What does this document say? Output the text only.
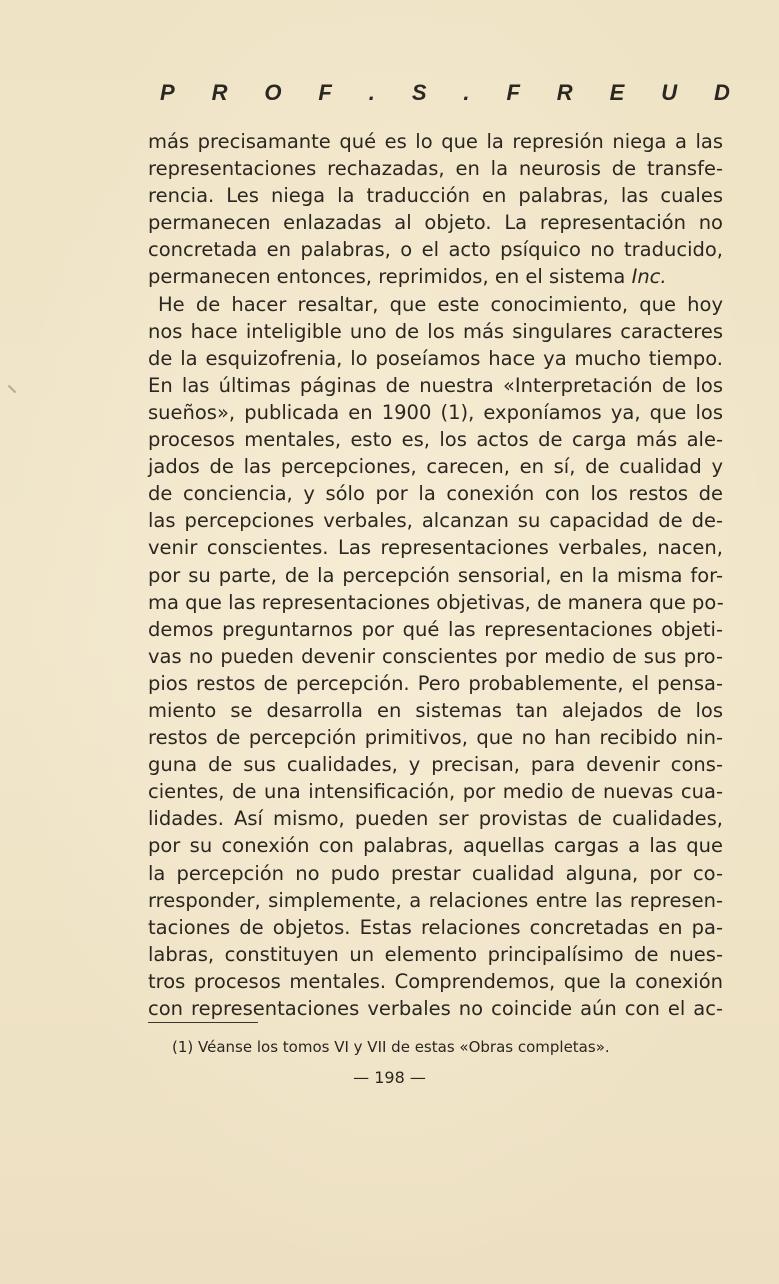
P R O F . S . F R E U D
más precisamante qué es lo que la represión niega a las
representaciones rechazadas, en la neurosis de transfe-
rencia. Les niega la traducción en palabras, las cuales
permanecen enlazadas al objeto. La representación no
concretada en palabras, o el acto psíquico no traducido,
permanecen entonces, reprimidos, en el sistema Inc.
He de hacer resaltar, que este conocimiento, que hoy
nos hace inteligible uno de los más singulares caracteres
de la esquizofrenia, lo poseíamos hace ya mucho tiempo.
En las últimas páginas de nuestra «Interpretación de los
sueños», publicada en 1900 (1), exponíamos ya, que los
procesos mentales, esto es, los actos de carga más ale-
jados de las percepciones, carecen, en sí, de cualidad y
de conciencia, y sólo por la conexión con los restos de
las percepciones verbales, alcanzan su capacidad de de-
venir conscientes. Las representaciones verbales, nacen,
por su parte, de la percepción sensorial, en la misma for-
ma que las representaciones objetivas, de manera que po-
demos preguntarnos por qué las representaciones objeti-
vas no pueden devenir conscientes por medio de sus pro-
pios restos de percepción. Pero probablemente, el pensa-
miento se desarrolla en sistemas tan alejados de los
restos de percepción primitivos, que no han recibido nin-
guna de sus cualidades, y precisan, para devenir cons-
cientes, de una intensificación, por medio de nuevas cua-
lidades. Así mismo, pueden ser provistas de cualidades,
por su conexión con palabras, aquellas cargas a las que
la percepción no pudo prestar cualidad alguna, por co-
rresponder, simplemente, a relaciones entre las represen-
taciones de objetos. Estas relaciones concretadas en pa-
labras, constituyen un elemento principalísimo de nues-
tros procesos mentales. Comprendemos, que la conexión
con representaciones verbales no coincide aún con el ac-
(1) Véanse los tomos VI y VII de estas «Obras completas».
— 198 —
